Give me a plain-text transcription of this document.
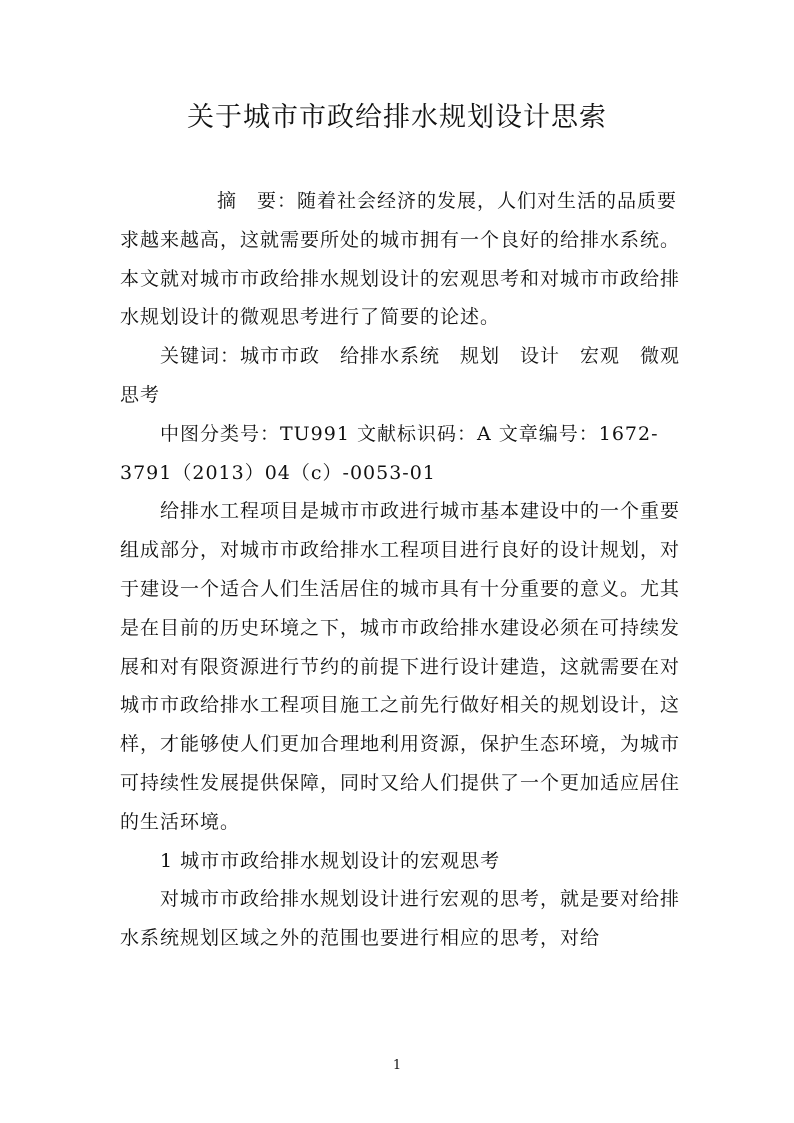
关于城市市政给排水规划设计思索

摘　要：随着社会经济的发展，人们对生活的品质要求越来越高，这就需要所处的城市拥有一个良好的给排水系统。本文就对城市市政给排水规划设计的宏观思考和对城市市政给排水规划设计的微观思考进行了简要的论述。

关键词：城市市政　给排水系统　规划　设计　宏观　微观思考

中图分类号：TU991 文献标识码：A 文章编号：1672-3791（2013）04（c）-0053-01

给排水工程项目是城市市政进行城市基本建设中的一个重要组成部分，对城市市政给排水工程项目进行良好的设计规划，对于建设一个适合人们生活居住的城市具有十分重要的意义。尤其是在目前的历史环境之下，城市市政给排水建设必须在可持续发展和对有限资源进行节约的前提下进行设计建造，这就需要在对城市市政给排水工程项目施工之前先行做好相关的规划设计，这样，才能够使人们更加合理地利用资源，保护生态环境，为城市可持续性发展提供保障，同时又给人们提供了一个更加适应居住的生活环境。

1 城市市政给排水规划设计的宏观思考

对城市市政给排水规划设计进行宏观的思考，就是要对给排水系统规划区域之外的范围也要进行相应的思考，对给

1
